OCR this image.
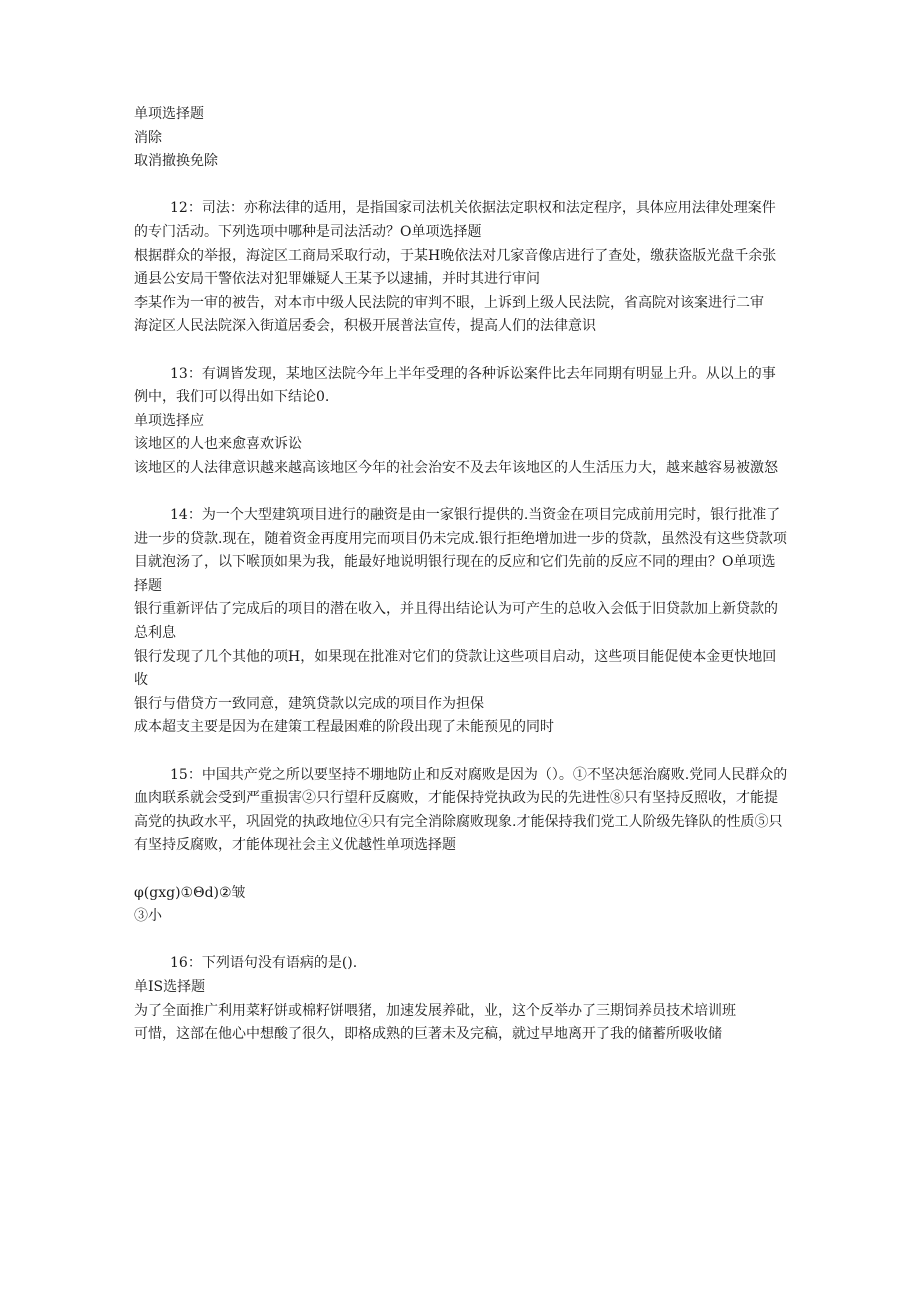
单项选择题

消除

取消撤换免除

12：司法：亦称法律的适用，是指国家司法机关依据法定职权和法定程序，具体应用法律处理案件的专门活动。下列选项中哪种是司法活动？O单项选择题

根据群众的举报，海淀区工商局采取行动，于某H晚依法对几家音像店进行了查处，缴获盗版光盘千余张

通县公安局干警依法对犯罪嫌疑人王某予以逮捕，并时其进行审问

李某作为一审的被告，对本市中级人民法院的审判不眼，上诉到上级人民法院，省高院对该案进行二审

海淀区人民法院深入街道居委会，积极开展普法宣传，提高人们的法律意识

13：有调皆发现，某地区法院今年上半年受理的各种诉讼案件比去年同期有明显上升。从以上的事例中，我们可以得出如下结论0.

单项选择应

该地区的人也来愈喜欢诉讼

该地区的人法律意识越来越高该地区今年的社会治安不及去年该地区的人生活压力大，越来越容易被激怒

14：为一个大型建筑项目进行的融资是由一家银行提供的.当资金在项目完成前用完时，银行批准了进一步的贷款.现在，随着资金再度用完而项目仍未完成.银行拒绝增加进一步的贷款，虽然没有这些贷款项目就泡汤了，以下喉顶如果为我，能最好地说明银行现在的反应和它们先前的反应不同的理由？O单项选择题

银行重新评估了完成后的项目的潜在收入，并且得出结论认为可产生的总收入会低于旧贷款加上新贷款的总利息

银行发现了几个其他的项H，如果现在批准对它们的贷款让这些项目启动，这些项目能促使本金更快地回收

银行与借贷方一致同意，建筑贷款以完成的项目作为担保

成本超支主要是因为在建策工程最困难的阶段出现了未能预见的同时

15：中国共产党之所以要坚持不堋地防止和反对腐败是因为（）。①不坚决惩治腐败.党同人民群众的血肉联系就会受到严重损害②只行望秆反腐败，才能保持党执政为民的先进性⑧只有坚持反照收，才能提高党的执政水平，巩固党的执政地位④只有完全消除腐败现象.才能保持我们党工人阶级先锋队的性质⑤只有坚持反腐败，才能体现社会主义优越性单项选择题

φ(gxg)①Θd)②皱

③小

16：下列语句没有语病的是().

单IS选择题

为了全面推广利用菜籽饼或棉籽饼喂猪，加速发展养砒，业，这个反举办了三期饲养员技术培训班

可惜，这部在他心中想酸了很久，即格成熟的巨著未及完稿，就过早地离开了我的储蓄所吸收储
